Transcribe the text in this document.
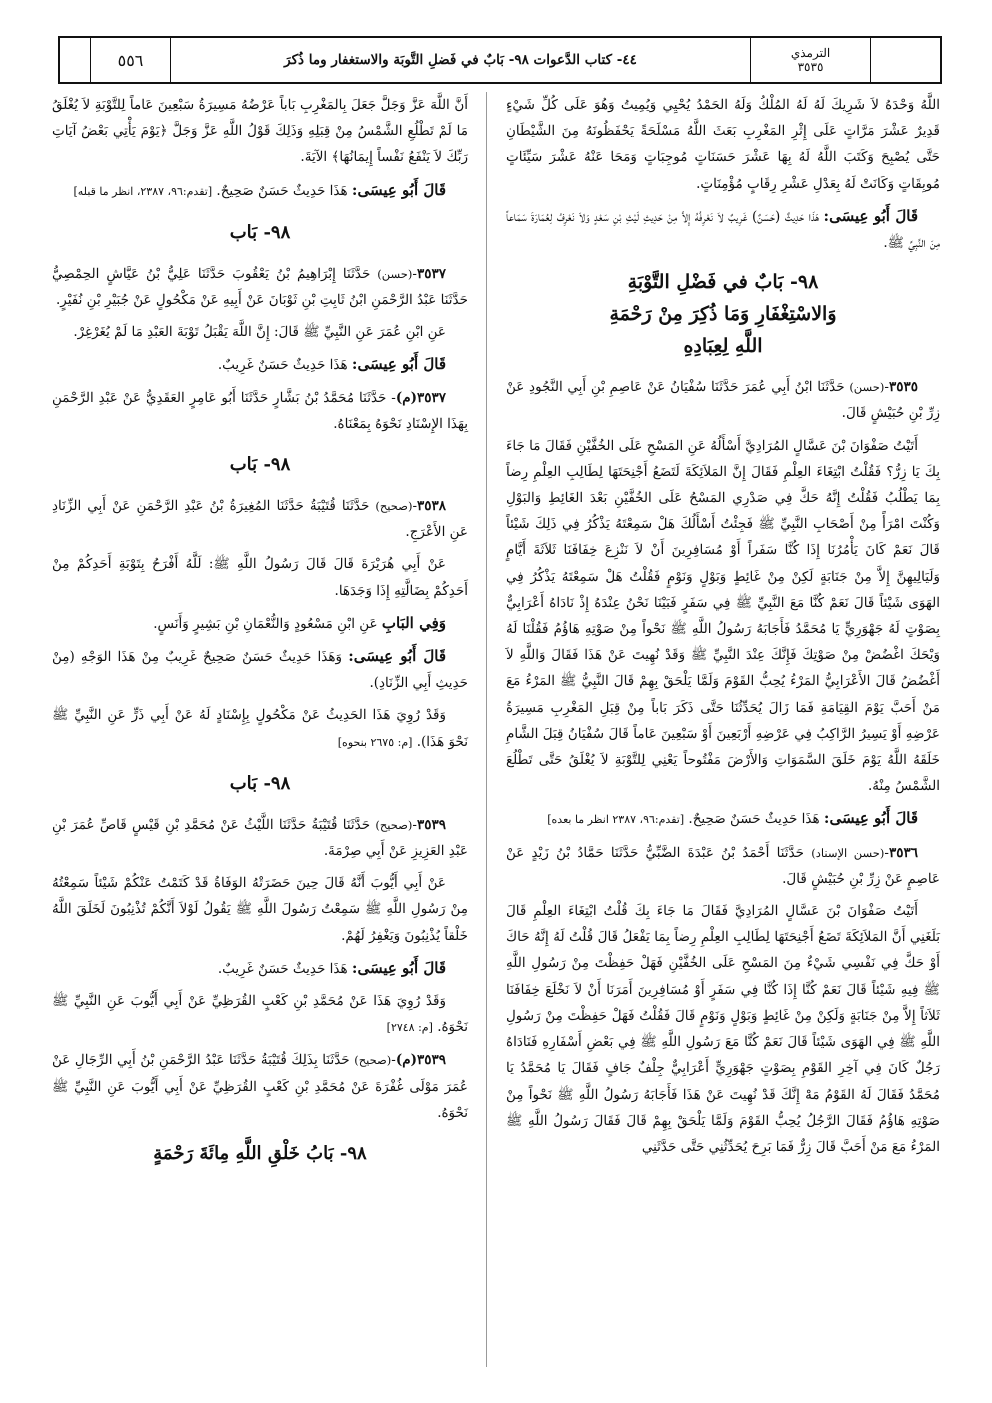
الترمذي
٣٥٣٥
٤٤- كتاب الدَّعوات ٩٨- بَابٌ في فَضلِ التَّوبَة والاستغفار وما ذُكرَ
٥٥٦

اللَّهُ وَحْدَهُ لاَ شَرِيكَ لَهُ لَهُ المُلْكُ وَلَهُ الحَمْدُ يُحْيِي وَيُمِيتُ وَهُوَ عَلَى كُلِّ شَيْءٍ قَدِيرٌ عَشْرَ مَرَّاتٍ عَلَى إِثْرِ المَغْرِبِ بَعَثَ اللَّهُ مَسْلَحَةً يَحْفَظُونَهُ مِنَ الشَّيْطَانِ حَتَّى يُصْبِحَ وَكَتَبَ اللَّهُ لَهُ بِهَا عَشْرَ حَسَنَاتٍ مُوجِبَاتٍ وَمَحَا عَنْهُ عَشْرَ سَيِّئَاتٍ مُوبِقَاتٍ وَكَانَتْ لَهُ بِعَدْلِ عَشْرِ رِقَابٍ مُؤْمِنَاتٍ.

قَالَ أَبُو عِيسَى: هَذَا حَدِيثٌ (حَسَنٌ) غَرِيبٌ لاَ نَعْرِفُهُ إِلاَّ مِنْ حَدِيثِ لَيْثِ بْنِ سَعْدٍ وَلاَ نَعْرِفُ لِعُمَارَةَ سَمَاعاً مِنَ النَّبِيِّ ﷺ.

٩٨- بَابٌ في فَضْلِ التَّوْبَةِ
وَالاسْتِغْفَارِ وَمَا ذُكِرَ مِنْ رَحْمَةِ
اللَّهِ لِعِبَادِهِ

٣٥٣٥-(حسن) حَدَّثَنَا ابْنُ أَبِي عُمَرَ حَدَّثَنَا سُفْيَانُ عَنْ عَاصِمِ بْنِ أَبِي النَّجُودِ عَنْ زِرِّ بْنِ حُبَيْشٍ قَالَ.

أَتَيْتُ صَفْوَانَ بْنَ عَسَّالٍ المُرَادِيَّ أَسْأَلُهُ عَنِ المَسْحِ عَلَى الخُفَّيْنِ فَقَالَ مَا جَاءَ بِكَ يَا زِرُّ؟ فَقُلْتُ ابْتِغَاءَ العِلْمِ فَقَالَ إِنَّ المَلاَئِكَةَ لَتَضَعُ أَجْنِحَتَهَا لِطَالِبِ العِلْمِ رِضاً بِمَا يَطْلُبُ فَقُلْتُ إِنَّهُ حَكَّ فِي صَدْرِي المَسْحُ عَلَى الخُفَّيْنِ بَعْدَ الغَائِطِ وَالبَوْلِ وَكُنْتَ امْرَأً مِنْ أَصْحَابِ النَّبِيِّ ﷺ فَجِئْتُ أَسْأَلُكَ هَلْ سَمِعْتَهُ يَذْكُرُ فِي ذَلِكَ شَيْئاً قَالَ نَعَمْ كَانَ يَأْمُرُنَا إِذَا كُنَّا سَفَراً أَوْ مُسَافِرِينَ أَنْ لاَ نَنْزِعَ خِفَافَنَا ثَلاَثَةَ أَيَّامٍ وَلَيَالِيهِنَّ إِلاَّ مِنْ جَنَابَةٍ لَكِنْ مِنْ غَائِطٍ وَبَوْلٍ وَنَوْمٍ فَقُلْتُ هَلْ سَمِعْتَهُ يَذْكُرُ فِي الهَوَى شَيْئاً قَالَ نَعَمْ كُنَّا مَعَ النَّبِيِّ ﷺ فِي سَفَرٍ فَبَيْنَا نَحْنُ عِنْدَهُ إِذْ نَادَاهُ أَعْرَابِيٌّ بِصَوْتٍ لَهُ جَهْوَرِيٍّ يَا مُحَمَّدُ فَأَجَابَهُ رَسُولُ اللَّهِ ﷺ نَحْواً مِنْ صَوْتِهِ هَاؤُمُ فَقُلْنَا لَهُ وَيْحَكَ اغْضُضْ مِنْ صَوْتِكَ فَإِنَّكَ عِنْدَ النَّبِيِّ ﷺ وَقَدْ نُهِيتَ عَنْ هَذَا فَقَالَ وَاللَّهِ لاَ أَغْضُضُ قَالَ الأَعْرَابِيُّ المَرْءُ يُحِبُّ القَوْمَ وَلَمَّا يَلْحَقْ بِهِمْ قَالَ النَّبِيُّ ﷺ المَرْءُ مَعَ مَنْ أَحَبَّ يَوْمَ القِيَامَةِ فَمَا زَالَ يُحَدِّثُنَا حَتَّى ذَكَرَ بَاباً مِنْ قِبَلِ المَغْرِبِ مَسِيرَةُ عَرْضِهِ أَوْ يَسِيرُ الرَّاكِبُ فِي عَرْضِهِ أَرْبَعِينَ أَوْ سَبْعِينَ عَاماً قَالَ سُفْيَانُ قِبَلَ الشَّامِ خَلَقَهُ اللَّهُ يَوْمَ خَلَقَ السَّمَوَاتِ وَالأَرْضَ مَفْتُوحاً يَعْنِي لِلتَّوْبَةِ لاَ يُغْلَقُ حَتَّى تَطْلُعَ الشَّمْسُ مِنْهُ.

قَالَ أَبُو عِيسَى: هَذَا حَدِيثٌ حَسَنٌ صَحِيحٌ. [تقدم:٩٦، ٢٣٨٧ انظر ما بعده]

٣٥٣٦-(حسن الإسناد) حَدَّثَنَا أَحْمَدُ بْنُ عَبْدَةَ الضَّبِّيُّ حَدَّثَنَا حَمَّادُ بْنُ زَيْدٍ عَنْ عَاصِمٍ عَنْ زِرِّ بْنِ حُبَيْشٍ قَالَ.

أَتَيْتُ صَفْوَانَ بْنَ عَسَّالٍ المُرَادِيَّ فَقَالَ مَا جَاءَ بِكَ قُلْتُ ابْتِغَاءَ العِلْمِ قَالَ بَلَغَنِي أَنَّ المَلاَئِكَةَ تَضَعُ أَجْنِحَتَهَا لِطَالِبِ العِلْمِ رِضاً بِمَا يَفْعَلُ قَالَ قُلْتُ لَهُ إِنَّهُ حَاكَ أَوْ حَكَّ فِي نَفْسِي شَيْءٌ مِنَ المَسْحِ عَلَى الخُفَّيْنِ فَهَلْ حَفِظْتَ مِنْ رَسُولِ اللَّهِ ﷺ فِيهِ شَيْئاً قَالَ نَعَمْ كُنَّا إِذَا كُنَّا فِي سَفَرٍ أَوْ مُسَافِرِينَ أَمَرَنَا أَنْ لاَ نَخْلَعَ خِفَافَنَا ثَلاَثاً إِلاَّ مِنْ جَنَابَةٍ وَلَكِنْ مِنْ غَائِطٍ وَبَوْلٍ وَنَوْمٍ قَالَ فَقُلْتُ فَهَلْ حَفِظْتَ مِنْ رَسُولِ اللَّهِ ﷺ فِي الهَوَى شَيْئاً قَالَ نَعَمْ كُنَّا مَعَ رَسُولِ اللَّهِ ﷺ فِي بَعْضِ أَسْفَارِهِ فَنَادَاهُ رَجُلٌ كَانَ فِي آخِرِ القَوْمِ بِصَوْتٍ جَهْوَرِيٍّ أَعْرَابِيٌّ جِلْفٌ جَافٍ فَقَالَ يَا مُحَمَّدُ يَا مُحَمَّدُ فَقَالَ لَهُ القَوْمُ مَهْ إِنَّكَ قَدْ نُهِيتَ عَنْ هَذَا فَأَجَابَهُ رَسُولُ اللَّهِ ﷺ نَحْواً مِنْ صَوْتِهِ هَاؤُمُ فَقَالَ الرَّجُلُ يُحِبُّ القَوْمَ وَلَمَّا يَلْحَقْ بِهِمْ قَالَ فَقَالَ رَسُولُ اللَّهِ ﷺ المَرْءُ مَعَ مَنْ أَحَبَّ قَالَ زِرٌّ فَمَا بَرِحَ يُحَدِّثُنِي حَتَّى حَدَّثَنِي

أَنَّ اللَّهَ عَزَّ وَجَلَّ جَعَلَ بِالمَغْرِبِ بَاباً عَرْضُهُ مَسِيرَةُ سَبْعِينَ عَاماً لِلتَّوْبَةِ لاَ يُغْلَقُ مَا لَمْ تَطْلُعِ الشَّمْسُ مِنْ قِبَلِهِ وَذَلِكَ قَوْلُ اللَّهِ عَزَّ وَجَلَّ ﴿يَوْمَ يَأْتِي بَعْضُ آيَاتِ رَبِّكَ لاَ يَنْفَعُ نَفْساً إِيمَانُهَا﴾ الآيَةَ.

قَالَ أَبُو عِيسَى: هَذَا حَدِيثٌ حَسَنٌ صَحِيحٌ. [تقدم:٩٦، ٢٣٨٧، انظر ما قبله]

٩٨- بَاب

٣٥٣٧-(حسن) حَدَّثَنَا إِبْرَاهِيمُ بْنُ يَعْقُوبَ حَدَّثَنَا عَلِيُّ بْنُ عَيَّاشٍ الحِمْصِيُّ حَدَّثَنَا عَبْدُ الرَّحْمَنِ ابْنُ ثَابِتِ بْنِ ثَوْبَانَ عَنْ أَبِيهِ عَنْ مَكْحُولٍ عَنْ جُبَيْرِ بْنِ نُفَيْرٍ.

عَنِ ابْنِ عُمَرَ عَنِ النَّبِيِّ ﷺ قَالَ: إِنَّ اللَّهَ يَقْبَلُ تَوْبَةَ العَبْدِ مَا لَمْ يُغَرْغِرْ.

قَالَ أَبُو عِيسَى: هَذَا حَدِيثٌ حَسَنٌ غَرِيبٌ.

٣٥٣٧(م)- حَدَّثَنَا مُحَمَّدُ بْنُ بَشَّارٍ حَدَّثَنَا أَبُو عَامِرٍ العَقَدِيُّ عَنْ عَبْدِ الرَّحْمَنِ بِهَذَا الإِسْنَادِ نَحْوَهُ بِمَعْنَاهُ.

٩٨- بَاب

٣٥٣٨-(صحيح) حَدَّثَنَا قُتَيْبَةُ حَدَّثَنَا المُغِيرَةُ بْنُ عَبْدِ الرَّحْمَنِ عَنْ أَبِي الزِّنَادِ عَنِ الأَعْرَجِ.

عَنْ أَبِي هُرَيْرَةَ قَالَ قَالَ رَسُولُ اللَّهِ ﷺ: لَلَّهُ أَفْرَحُ بِتَوْبَةِ أَحَدِكُمْ مِنْ أَحَدِكُمْ بِضَالَّتِهِ إِذَا وَجَدَهَا.

وَفِي البَابِ عَنِ ابْنِ مَسْعُودٍ وَالنُّعْمَانِ بْنِ بَشِيرٍ وَأَنَسٍ.

قَالَ أَبُو عِيسَى: وَهَذَا حَدِيثٌ حَسَنٌ صَحِيحٌ غَرِيبٌ مِنْ هَذَا الوَجْهِ (مِنْ حَدِيثِ أَبِي الزِّنَادِ).

وَقَدْ رُوِيَ هَذَا الحَدِيثُ عَنْ مَكْحُولٍ بِإِسْنَادٍ لَهُ عَنْ أَبِي ذَرٍّ عَنِ النَّبِيِّ ﷺ نَحْوَ هَذَا). [م: ٢٦٧٥ بنحوه]

٩٨- بَاب

٣٥٣٩-(صحيح) حَدَّثَنَا قُتَيْبَةُ حَدَّثَنَا اللَّيْثُ عَنْ مُحَمَّدِ بْنِ قَيْسٍ قَاصِّ عُمَرَ بْنِ عَبْدِ العَزِيزِ عَنْ أَبِي صِرْمَةَ.

عَنْ أَبِي أَيُّوبَ أَنَّهُ قَالَ حِينَ حَضَرَتْهُ الوَفَاةُ قَدْ كَتَمْتُ عَنْكُمْ شَيْئاً سَمِعْتُهُ مِنْ رَسُولِ اللَّهِ ﷺ سَمِعْتُ رَسُولَ اللَّهِ ﷺ يَقُولُ لَوْلاَ أَنَّكُمْ تُذْنِبُونَ لَخَلَقَ اللَّهُ خَلْقاً يُذْنِبُونَ وَيَغْفِرُ لَهُمْ.

قَالَ أَبُو عِيسَى: هَذَا حَدِيثٌ حَسَنٌ غَرِيبٌ.

وَقَدْ رُوِيَ هَذَا عَنْ مُحَمَّدِ بْنِ كَعْبٍ القُرَظِيِّ عَنْ أَبِي أَيُّوبَ عَنِ النَّبِيِّ ﷺ نَحْوَهُ. [م: ٢٧٤٨]

٣٥٣٩(م)-(صحيح) حَدَّثَنَا بِذَلِكَ قُتَيْبَةُ حَدَّثَنَا عَبْدُ الرَّحْمَنِ بْنُ أَبِي الرِّجَالِ عَنْ عُمَرَ مَوْلَى غُفْرَةَ عَنْ مُحَمَّدِ بْنِ كَعْبٍ القُرَظِيِّ عَنْ أَبِي أَيُّوبَ عَنِ النَّبِيِّ ﷺ نَحْوَهُ.

٩٨- بَابُ خَلْقِ اللَّهِ مِائَةَ رَحْمَةٍ
